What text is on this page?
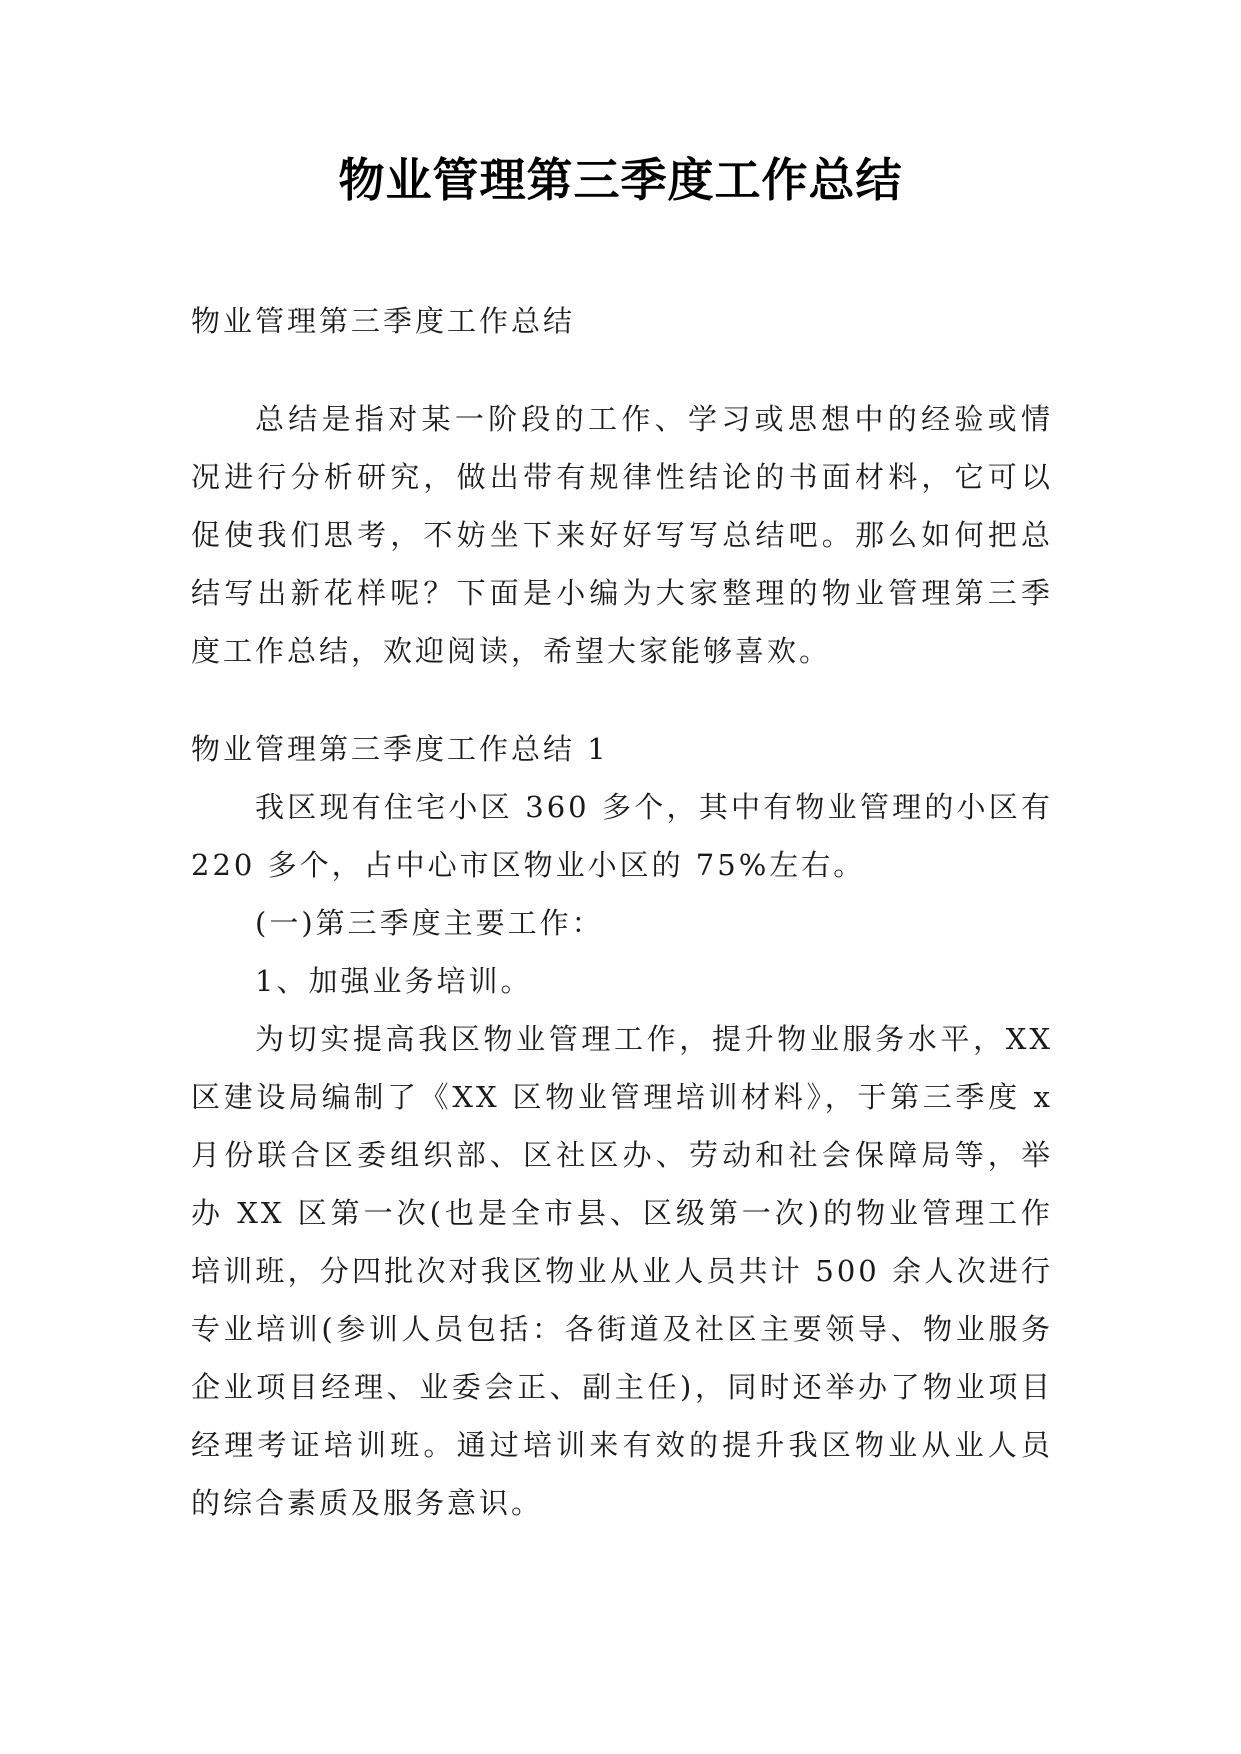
物业管理第三季度工作总结

物业管理第三季度工作总结

总结是指对某一阶段的工作、学习或思想中的经验或情况进行分析研究，做出带有规律性结论的书面材料，它可以促使我们思考，不妨坐下来好好写写总结吧。那么如何把总结写出新花样呢？下面是小编为大家整理的物业管理第三季度工作总结，欢迎阅读，希望大家能够喜欢。

物业管理第三季度工作总结 1

我区现有住宅小区 360 多个，其中有物业管理的小区有 220 多个，占中心市区物业小区的 75%左右。

(一)第三季度主要工作：

1、加强业务培训。

为切实提高我区物业管理工作，提升物业服务水平，XX 区建设局编制了《XX 区物业管理培训材料》，于第三季度 x 月份联合区委组织部、区社区办、劳动和社会保障局等，举办 XX 区第一次(也是全市县、区级第一次)的物业管理工作培训班，分四批次对我区物业从业人员共计 500 余人次进行专业培训(参训人员包括：各街道及社区主要领导、物业服务企业项目经理、业委会正、副主任)，同时还举办了物业项目经理考证培训班。通过培训来有效的提升我区物业从业人员的综合素质及服务意识。
